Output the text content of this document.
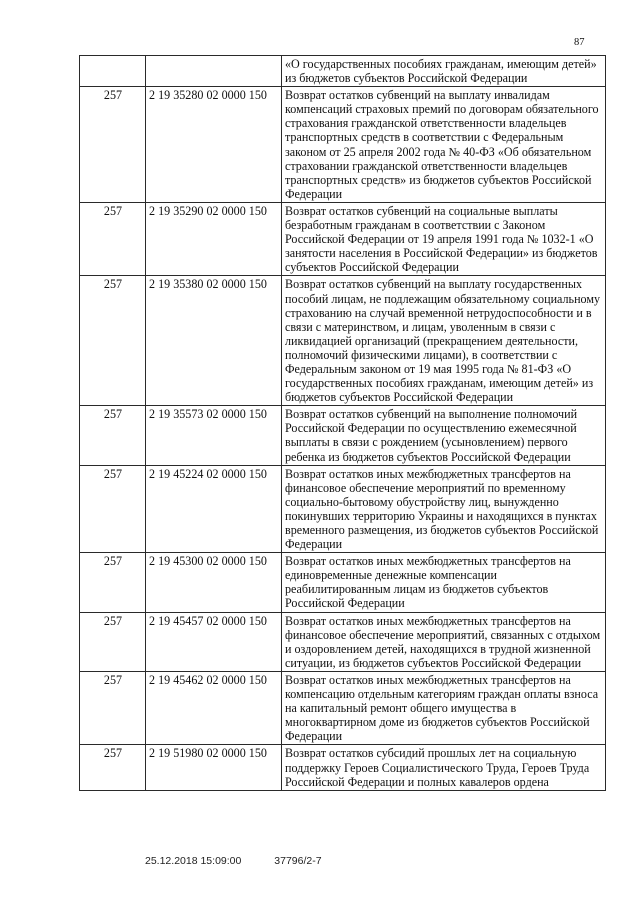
87
		«О государственных пособиях гражданам, имеющим детей» из бюджетов субъектов Российской Федерации
257	2 19 35280 02 0000 150	Возврат остатков субвенций на выплату инвалидам компенсаций страховых премий по договорам обязательного страхования гражданской ответственности владельцев транспортных средств в соответствии с Федеральным законом от 25 апреля 2002 года № 40-ФЗ «Об обязательном страховании гражданской ответственности владельцев транспортных средств» из бюджетов субъектов Российской Федерации
257	2 19 35290 02 0000 150	Возврат остатков субвенций на социальные выплаты безработным гражданам в соответствии с Законом Российской Федерации от 19 апреля 1991 года № 1032-1 «О занятости населения в Российской Федерации» из бюджетов субъектов Российской Федерации
257	2 19 35380 02 0000 150	Возврат остатков субвенций на выплату государственных пособий лицам, не подлежащим обязательному социальному страхованию на случай временной нетрудоспособности и в связи с материнством, и лицам, уволенным в связи с ликвидацией организаций (прекращением деятельности, полномочий физическими лицами), в соответствии с Федеральным законом от 19 мая 1995 года № 81-ФЗ «О государственных пособиях гражданам, имеющим детей» из бюджетов субъектов Российской Федерации
257	2 19 35573 02 0000 150	Возврат остатков субвенций на выполнение полномочий Российской Федерации по осуществлению ежемесячной выплаты в связи с рождением (усыновлением) первого ребенка из бюджетов субъектов Российской Федерации
257	2 19 45224 02 0000 150	Возврат остатков иных межбюджетных трансфертов на финансовое обеспечение мероприятий по временному социально-бытовому обустройству лиц, вынужденно покинувших территорию Украины и находящихся в пунктах временного размещения, из бюджетов субъектов Российской Федерации
257	2 19 45300 02 0000 150	Возврат остатков иных межбюджетных трансфертов на единовременные денежные компенсации реабилитированным лицам из бюджетов субъектов Российской Федерации
257	2 19 45457 02 0000 150	Возврат остатков иных межбюджетных трансфертов на финансовое обеспечение мероприятий, связанных с отдыхом и оздоровлением детей, находящихся в трудной жизненной ситуации, из бюджетов субъектов Российской Федерации
257	2 19 45462 02 0000 150	Возврат остатков иных межбюджетных трансфертов на компенсацию отдельным категориям граждан оплаты взноса на капитальный ремонт общего имущества в многоквартирном доме из бюджетов субъектов Российской Федерации
257	2 19 51980 02 0000 150	Возврат остатков субсидий прошлых лет на социальную поддержку Героев Социалистического Труда, Героев Труда Российской Федерации и полных кавалеров ордена
25.12.2018 15:09:00	37796/2-7
